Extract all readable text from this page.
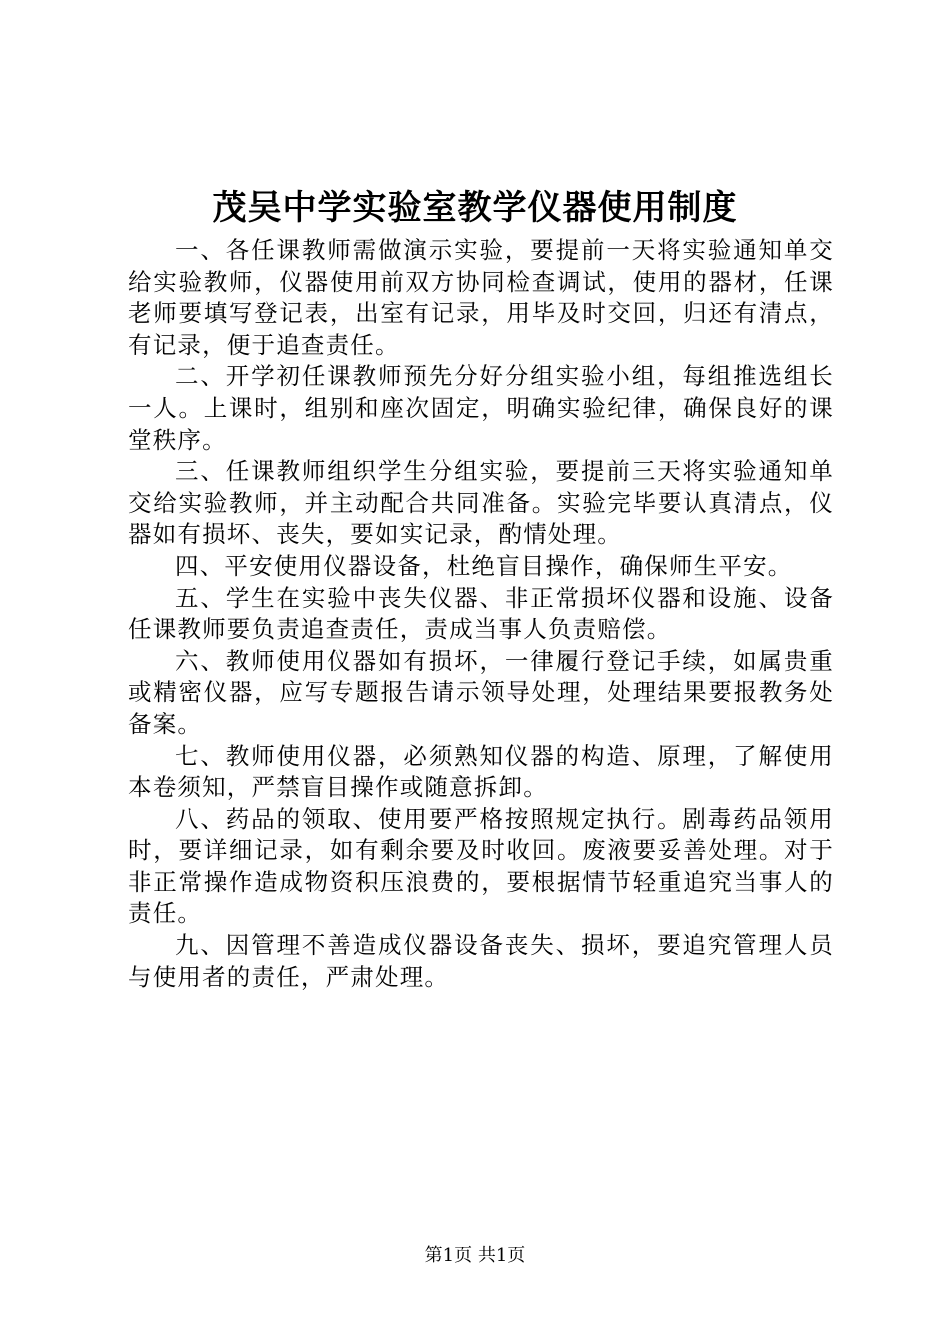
茂吴中学实验室教学仪器使用制度

一、各任课教师需做演示实验，要提前一天将实验通知单交给实验教师，仪器使用前双方协同检查调试，使用的器材，任课老师要填写登记表，出室有记录，用毕及时交回，归还有清点，有记录，便于追查责任。

二、开学初任课教师预先分好分组实验小组，每组推选组长一人。上课时，组别和座次固定，明确实验纪律，确保良好的课堂秩序。

三、任课教师组织学生分组实验，要提前三天将实验通知单交给实验教师，并主动配合共同准备。实验完毕要认真清点，仪器如有损坏、丧失，要如实记录，酌情处理。

四、平安使用仪器设备，杜绝盲目操作，确保师生平安。

五、学生在实验中丧失仪器、非正常损坏仪器和设施、设备任课教师要负责追查责任，责成当事人负责赔偿。

六、教师使用仪器如有损坏，一律履行登记手续，如属贵重或精密仪器，应写专题报告请示领导处理，处理结果要报教务处备案。

七、教师使用仪器，必须熟知仪器的构造、原理，了解使用本卷须知，严禁盲目操作或随意拆卸。

八、药品的领取、使用要严格按照规定执行。剧毒药品领用时，要详细记录，如有剩余要及时收回。废液要妥善处理。对于非正常操作造成物资积压浪费的，要根据情节轻重追究当事人的责任。

九、因管理不善造成仪器设备丧失、损坏，要追究管理人员与使用者的责任，严肃处理。

第1页 共1页
